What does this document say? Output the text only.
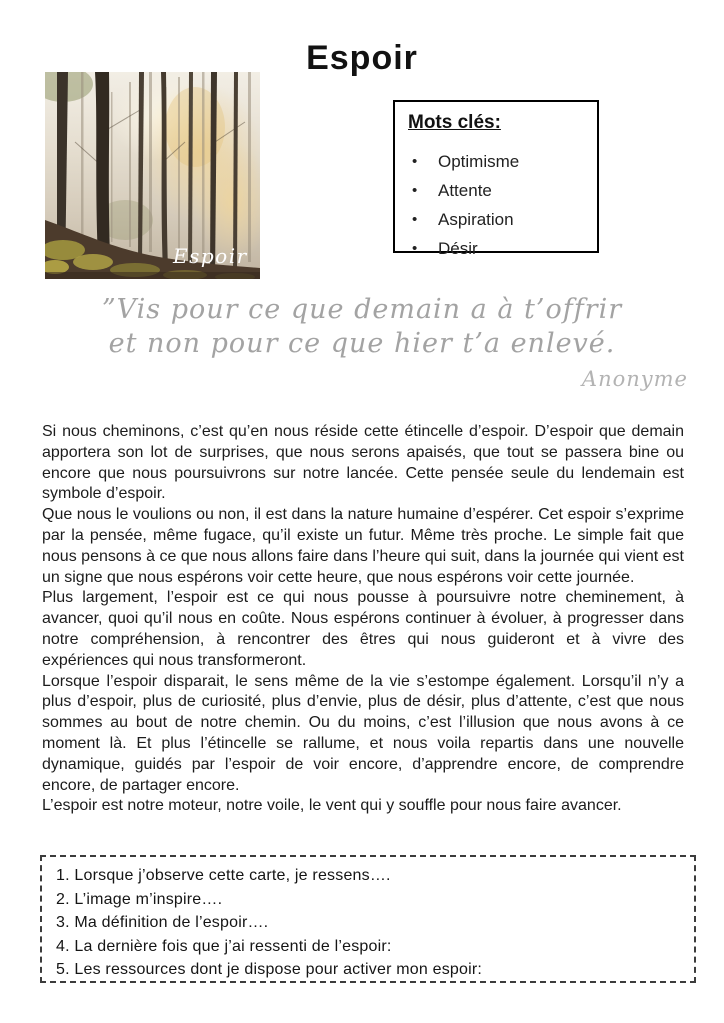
Espoir
Espoir
Mots clés:
• Optimisme
• Attente
• Aspiration
• Désir
”Vis pour ce que demain a à t’offrir
et non pour ce que hier t’a enlevé.
Anonyme

Si nous cheminons, c’est qu’en nous réside cette étincelle d’espoir. D’espoir que demain apportera son lot de surprises, que nous serons apaisés, que tout se passera bine ou encore que nous poursuivrons sur notre lancée. Cette pensée seule du lendemain est symbole d’espoir.

Que nous le voulions ou non, il est dans la nature humaine d’espérer. Cet espoir s’exprime par la pensée, même fugace, qu’il existe un futur. Même très proche. Le simple fait que nous pensons à ce que nous allons faire dans l’heure qui suit, dans la journée qui vient est un signe que nous espérons voir cette heure, que nous espérons voir cette journée.

Plus largement, l’espoir est ce qui nous pousse à poursuivre notre cheminement, à avancer, quoi qu’il nous en coûte. Nous espérons continuer à évoluer, à progresser dans notre compréhension, à rencontrer des êtres qui nous guideront et à vivre des expériences qui nous transformeront.

Lorsque l’espoir disparait, le sens même de la vie s’estompe également. Lorsqu’il n’y a plus d’espoir, plus de curiosité, plus d’envie, plus de désir, plus d’attente, c’est que nous sommes au bout de notre chemin. Ou du moins, c’est l’illusion que nous avons à ce moment là. Et plus l’étincelle se rallume, et nous voila repartis dans une nouvelle dynamique, guidés par l’espoir de voir encore, d’apprendre encore, de comprendre encore, de partager encore.

L’espoir est notre moteur, notre voile, le vent qui y souffle pour nous faire avancer.

1. Lorsque j’observe cette carte, je ressens….
2. L’image m’inspire….
3. Ma définition de l’espoir….
4. La dernière fois que j’ai ressenti de l’espoir:
5. Les ressources dont je dispose pour activer mon espoir:
